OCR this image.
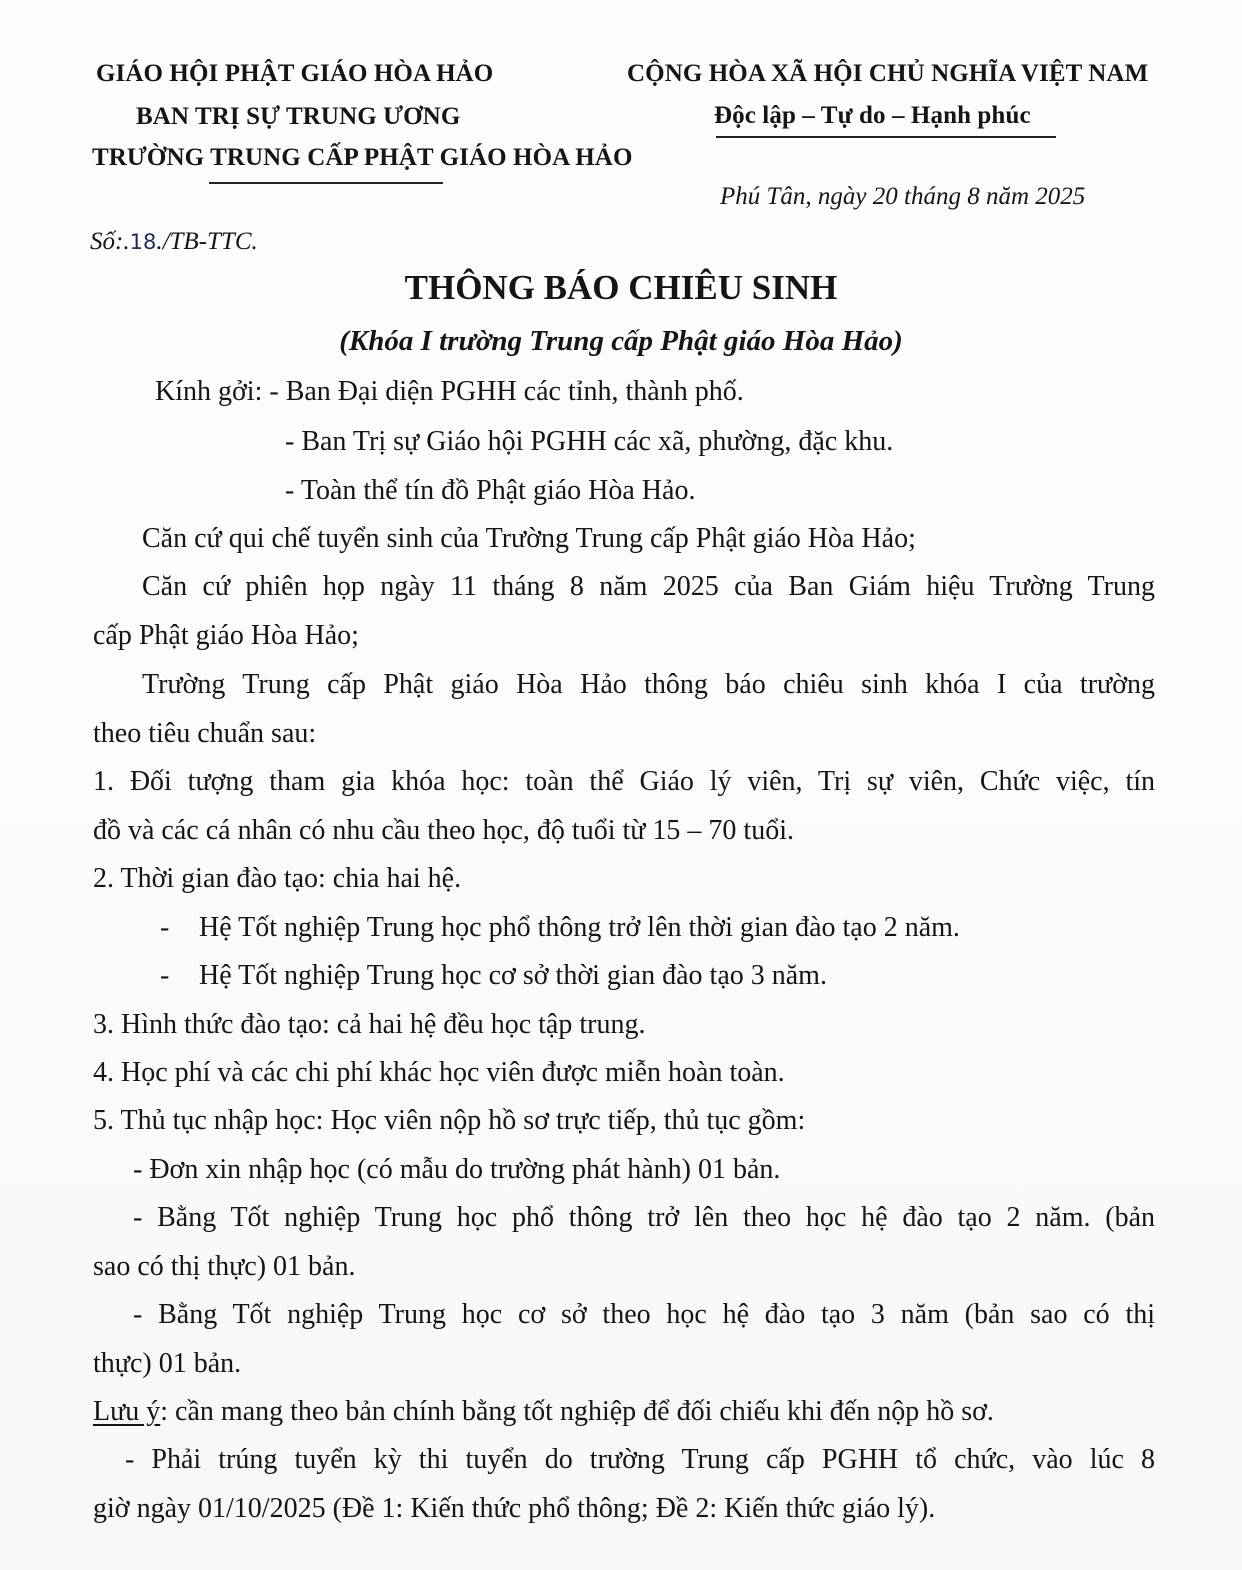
GIÁO HỘI PHẬT GIÁO HÒA HẢO
BAN TRỊ SỰ TRUNG ƯƠNG
TRƯỜNG TRUNG CẤP PHẬT GIÁO HÒA HẢO
CỘNG HÒA XÃ HỘI CHỦ NGHĨA VIỆT NAM
Độc lập – Tự do – Hạnh phúc
Phú Tân, ngày 20 tháng 8 năm 2025
Số:.18./TB-TTC.
THÔNG BÁO CHIÊU SINH
(Khóa I trường Trung cấp Phật giáo Hòa Hảo)
Kính gởi: - Ban Đại diện PGHH các tỉnh, thành phố.
- Ban Trị sự Giáo hội PGHH các xã, phường, đặc khu.
- Toàn thể tín đồ Phật giáo Hòa Hảo.
Căn cứ qui chế tuyển sinh của Trường Trung cấp Phật giáo Hòa Hảo;
Căn cứ phiên họp ngày 11 tháng 8 năm 2025 của Ban Giám hiệu Trường Trung
cấp Phật giáo Hòa Hảo;
Trường Trung cấp Phật giáo Hòa Hảo thông báo chiêu sinh khóa I của trường
theo tiêu chuẩn sau:
1. Đối tượng tham gia khóa học: toàn thể Giáo lý viên, Trị sự viên, Chức việc, tín
đồ và các cá nhân có nhu cầu theo học, độ tuổi từ 15 – 70 tuổi.
2. Thời gian đào tạo: chia hai hệ.
- Hệ Tốt nghiệp Trung học phổ thông trở lên thời gian đào tạo 2 năm.
- Hệ Tốt nghiệp Trung học cơ sở thời gian đào tạo 3 năm.
3. Hình thức đào tạo: cả hai hệ đều học tập trung.
4. Học phí và các chi phí khác học viên được miễn hoàn toàn.
5. Thủ tục nhập học: Học viên nộp hồ sơ trực tiếp, thủ tục gồm:
- Đơn xin nhập học (có mẫu do trường phát hành) 01 bản.
- Bằng Tốt nghiệp Trung học phổ thông trở lên theo học hệ đào tạo 2 năm. (bản
sao có thị thực) 01 bản.
- Bằng Tốt nghiệp Trung học cơ sở theo học hệ đào tạo 3 năm (bản sao có thị
thực) 01 bản.
Lưu ý: cần mang theo bản chính bằng tốt nghiệp để đối chiếu khi đến nộp hồ sơ.
- Phải trúng tuyển kỳ thi tuyển do trường Trung cấp PGHH tổ chức, vào lúc 8
giờ ngày 01/10/2025 (Đề 1: Kiến thức phổ thông; Đề 2: Kiến thức giáo lý).
